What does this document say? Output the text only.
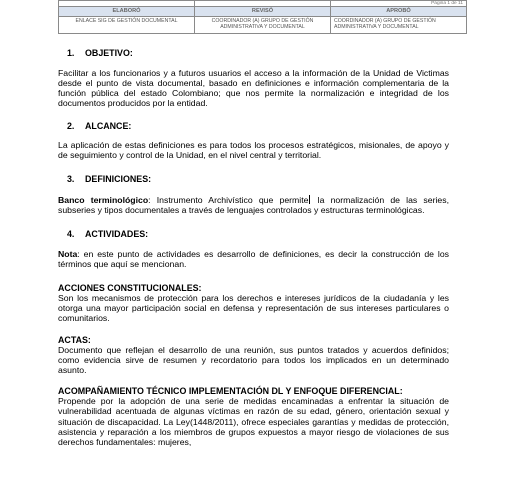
		Página 1 de 11

ELABORÓ	REVISÓ	APROBÓ
ENLACE SIG DE GESTIÓN DOCUMENTAL	COORDINADOR (A) GRUPO DE GESTIÓN ADMINISTRATIVA Y DOCUMENTAL	COORDINADOR (A) GRUPO DE GESTIÓN ADMINISTRATIVA Y DOCUMENTAL
1. OBJETIVO:

Facilitar a los funcionarios y a futuros usuarios el acceso a la información de la Unidad de Victimas desde el punto de vista documental, basado en definiciones e información complementaria de la función pública del estado Colombiano; que nos permite la normalización e integridad de los documentos producidos por la entidad.

2. ALCANCE:

La aplicación de estas definiciones es para todos los procesos estratégicos, misionales, de apoyo y de seguimiento y control de la Unidad, en el nivel central y territorial.

3. DEFINICIONES:

Banco terminológico: Instrumento Archivístico que permite la normalización de las series, subseries y tipos documentales a través de lenguajes controlados y estructuras terminológicas.

4. ACTIVIDADES:

Nota: en este punto de actividades es desarrollo de definiciones, es decir la construcción de los términos que aquí se mencionan.

ACCIONES CONSTITUCIONALES:

Son los mecanismos de protección para los derechos e intereses jurídicos de la ciudadanía y les otorga una mayor participación social en defensa y representación de sus intereses particulares o comunitarios.

ACTAS:

Documento que reflejan el desarrollo de una reunión, sus puntos tratados y acuerdos definidos; como evidencia sirve de resumen y recordatorio para todos los implicados en un determinado asunto.

ACOMPAÑAMIENTO TÉCNICO IMPLEMENTACIÓN DL Y ENFOQUE DIFERENCIAL:

Propende por la adopción de una serie de medidas encaminadas a enfrentar la situación de vulnerabilidad acentuada de algunas víctimas en razón de su edad, género, orientación sexual y situación de discapacidad. La Ley(1448/2011), ofrece especiales garantías y medidas de protección, asistencia y reparación a los miembros de grupos expuestos a mayor riesgo de violaciones de sus derechos fundamentales: mujeres,
